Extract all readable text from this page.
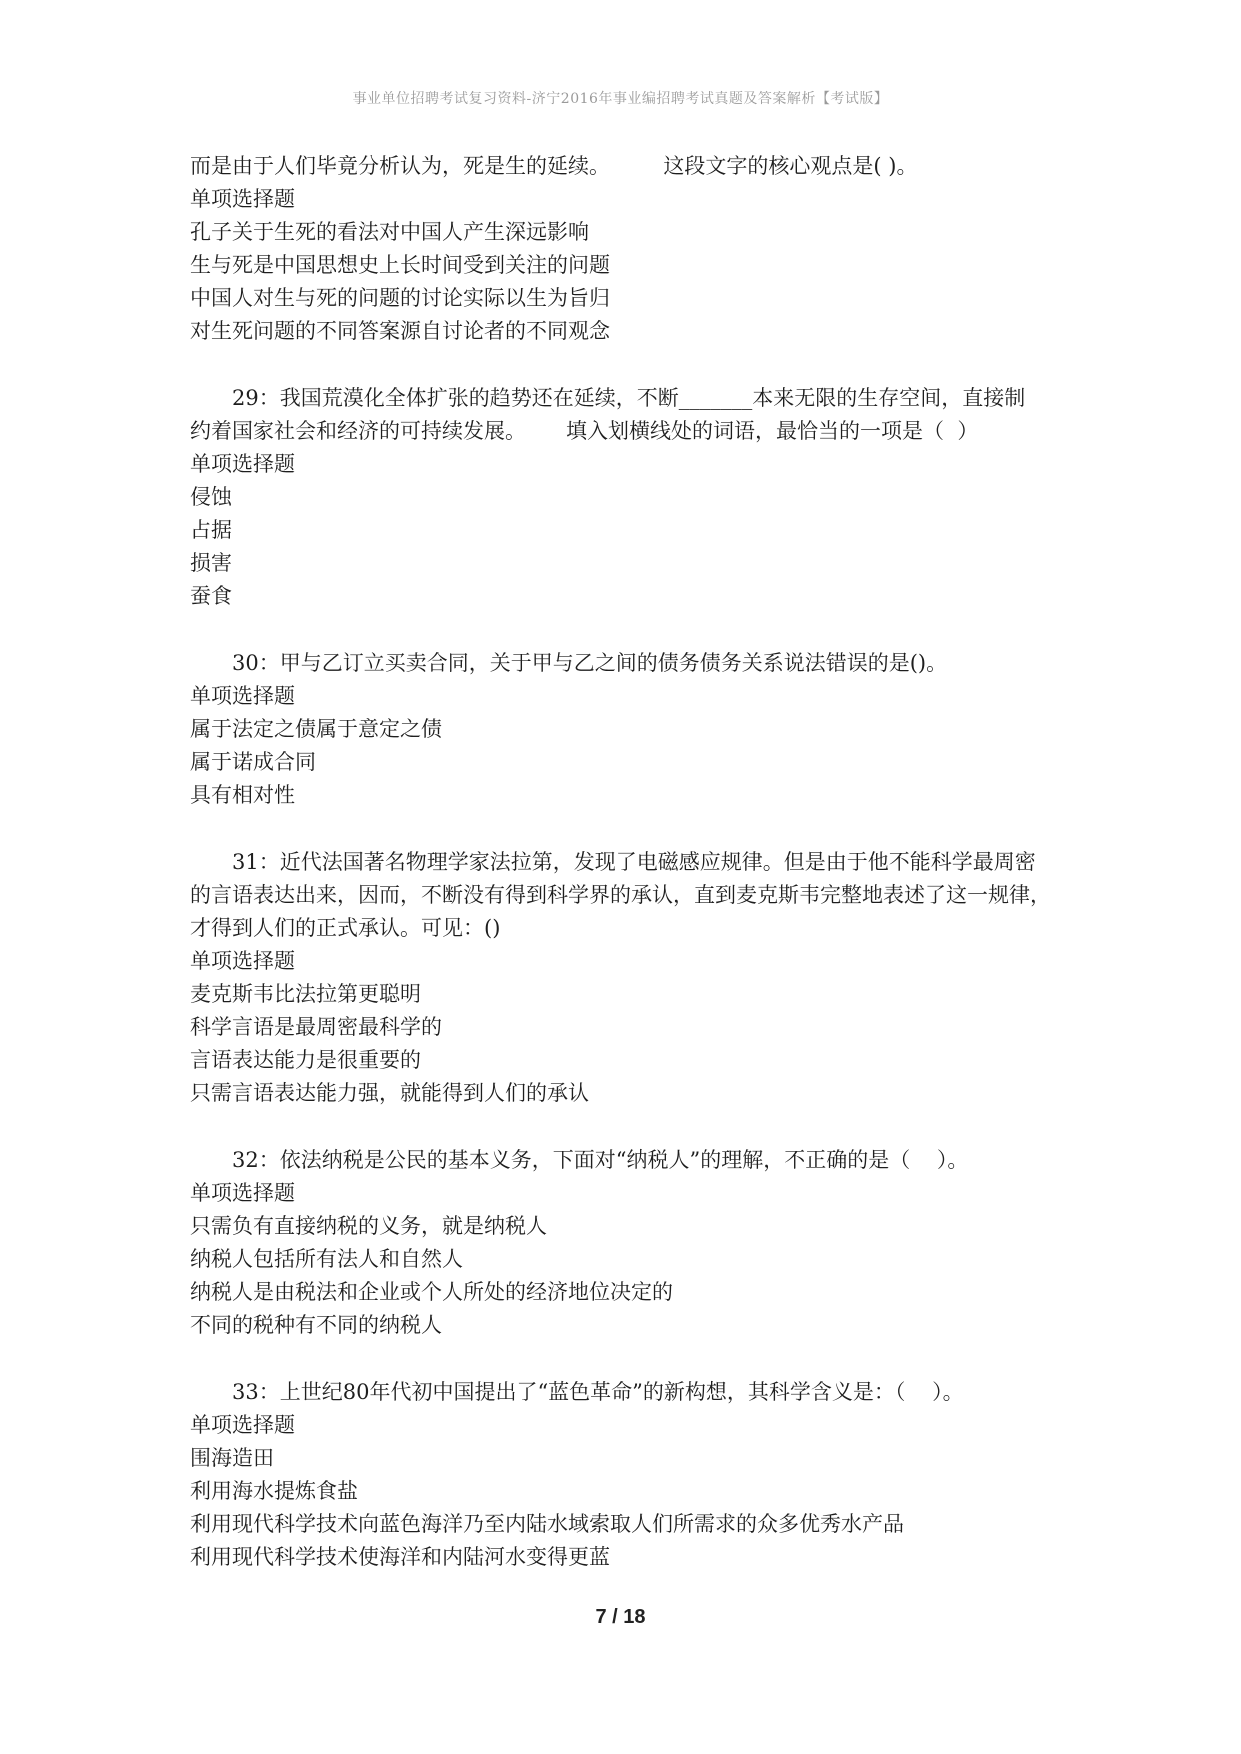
事业单位招聘考试复习资料-济宁2016年事业编招聘考试真题及答案解析【考试版】

而是由于人们毕竟分析认为，死是生的延续。        这段文字的核心观点是( )。

单项选择题

孔子关于生死的看法对中国人产生深远影响

生与死是中国思想史上长时间受到关注的问题

中国人对生与死的问题的讨论实际以生为旨归

对生死问题的不同答案源自讨论者的不同观念

29：我国荒漠化全体扩张的趋势还在延续，不断_______本来无限的生存空间，直接制

约着国家社会和经济的可持续发展。      填入划横线处的词语，最恰当的一项是（  ）

单项选择题

侵蚀

占据

损害

蚕食

30：甲与乙订立买卖合同，关于甲与乙之间的债务债务关系说法错误的是()。

单项选择题

属于法定之债属于意定之债

属于诺成合同

具有相对性

31：近代法国著名物理学家法拉第，发现了电磁感应规律。但是由于他不能科学最周密

的言语表达出来，因而，不断没有得到科学界的承认，直到麦克斯韦完整地表述了这一规律，

才得到人们的正式承认。可见：()

单项选择题

麦克斯韦比法拉第更聪明

科学言语是最周密最科学的

言语表达能力是很重要的

只需言语表达能力强，就能得到人们的承认

32：依法纳税是公民的基本义务，下面对“纳税人”的理解，不正确的是（    ）。

单项选择题

只需负有直接纳税的义务，就是纳税人

纳税人包括所有法人和自然人

纳税人是由税法和企业或个人所处的经济地位决定的

不同的税种有不同的纳税人

33：上世纪80年代初中国提出了“蓝色革命”的新构想，其科学含义是：（    ）。

单项选择题

围海造田

利用海水提炼食盐

利用现代科学技术向蓝色海洋乃至内陆水域索取人们所需求的众多优秀水产品

利用现代科学技术使海洋和内陆河水变得更蓝

7 / 18
